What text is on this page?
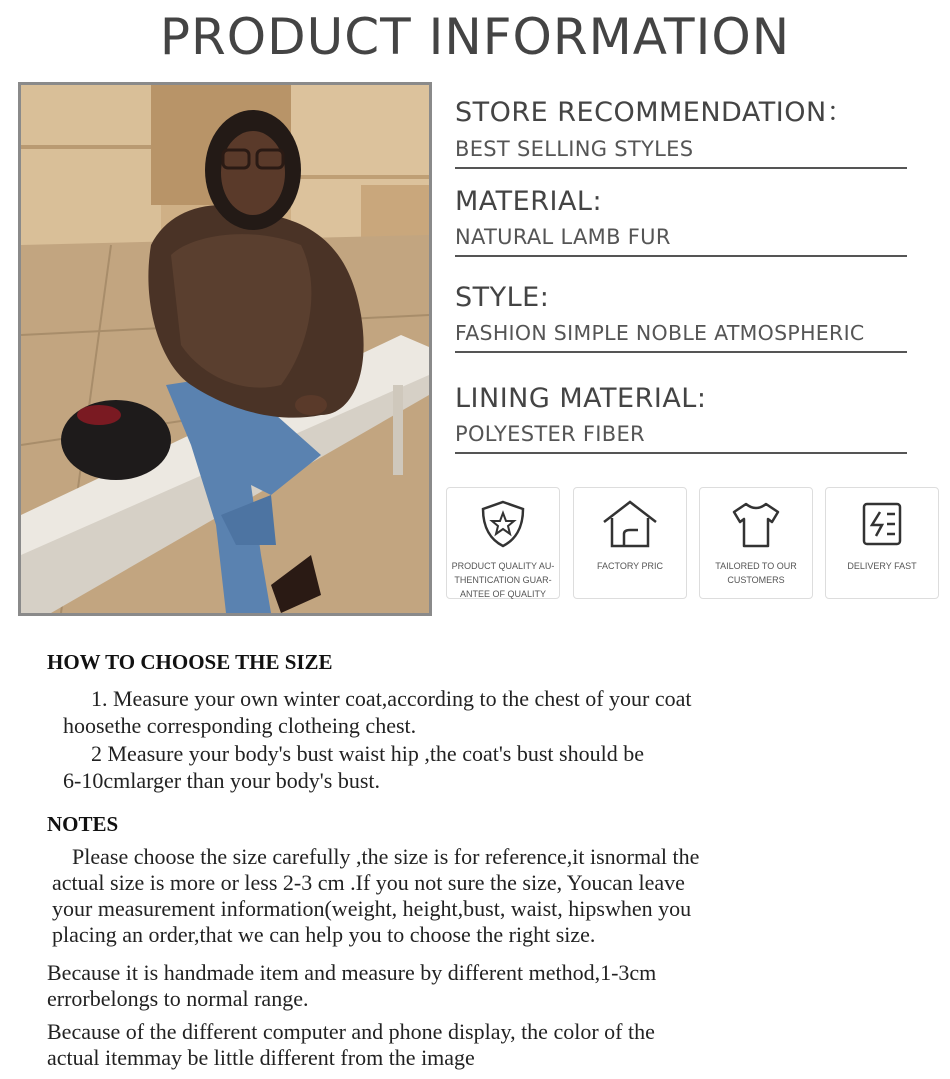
PRODUCT INFORMATION
STORE RECOMMENDATION：
BEST SELLING STYLES
MATERIAL:
NATURAL LAMB FUR
STYLE:
FASHION SIMPLE NOBLE ATMOSPHERIC
LINING MATERIAL:
POLYESTER FIBER
PRODUCT QUALITY AU-
THENTICATION GUAR-
ANTEE OF QUALITY
FACTORY PRIC	TAILORED TO OUR
CUSTOMERS
DELIVERY FAST
HOW TO CHOOSE THE SIZE
1. Measure your own winter coat,according to the chest of your coat
hoosethe corresponding clotheing chest.
2 Measure your body's bust waist hip ,the coat's bust should be
6-10cmlarger than your body's bust.
NOTES
Please choose the size carefully ,the size is for reference,it isnormal the
actual size is more or less 2-3 cm .If you not sure the size, Youcan leave
your measurement information(weight, height,bust, waist, hipswhen you
placing an order,that we can help you to choose the right size.
Because it is handmade item and measure by different method,1-3cm
errorbelongs to normal range.
Because of the different computer and phone display, the color of the
actual itemmay be little different from the image
